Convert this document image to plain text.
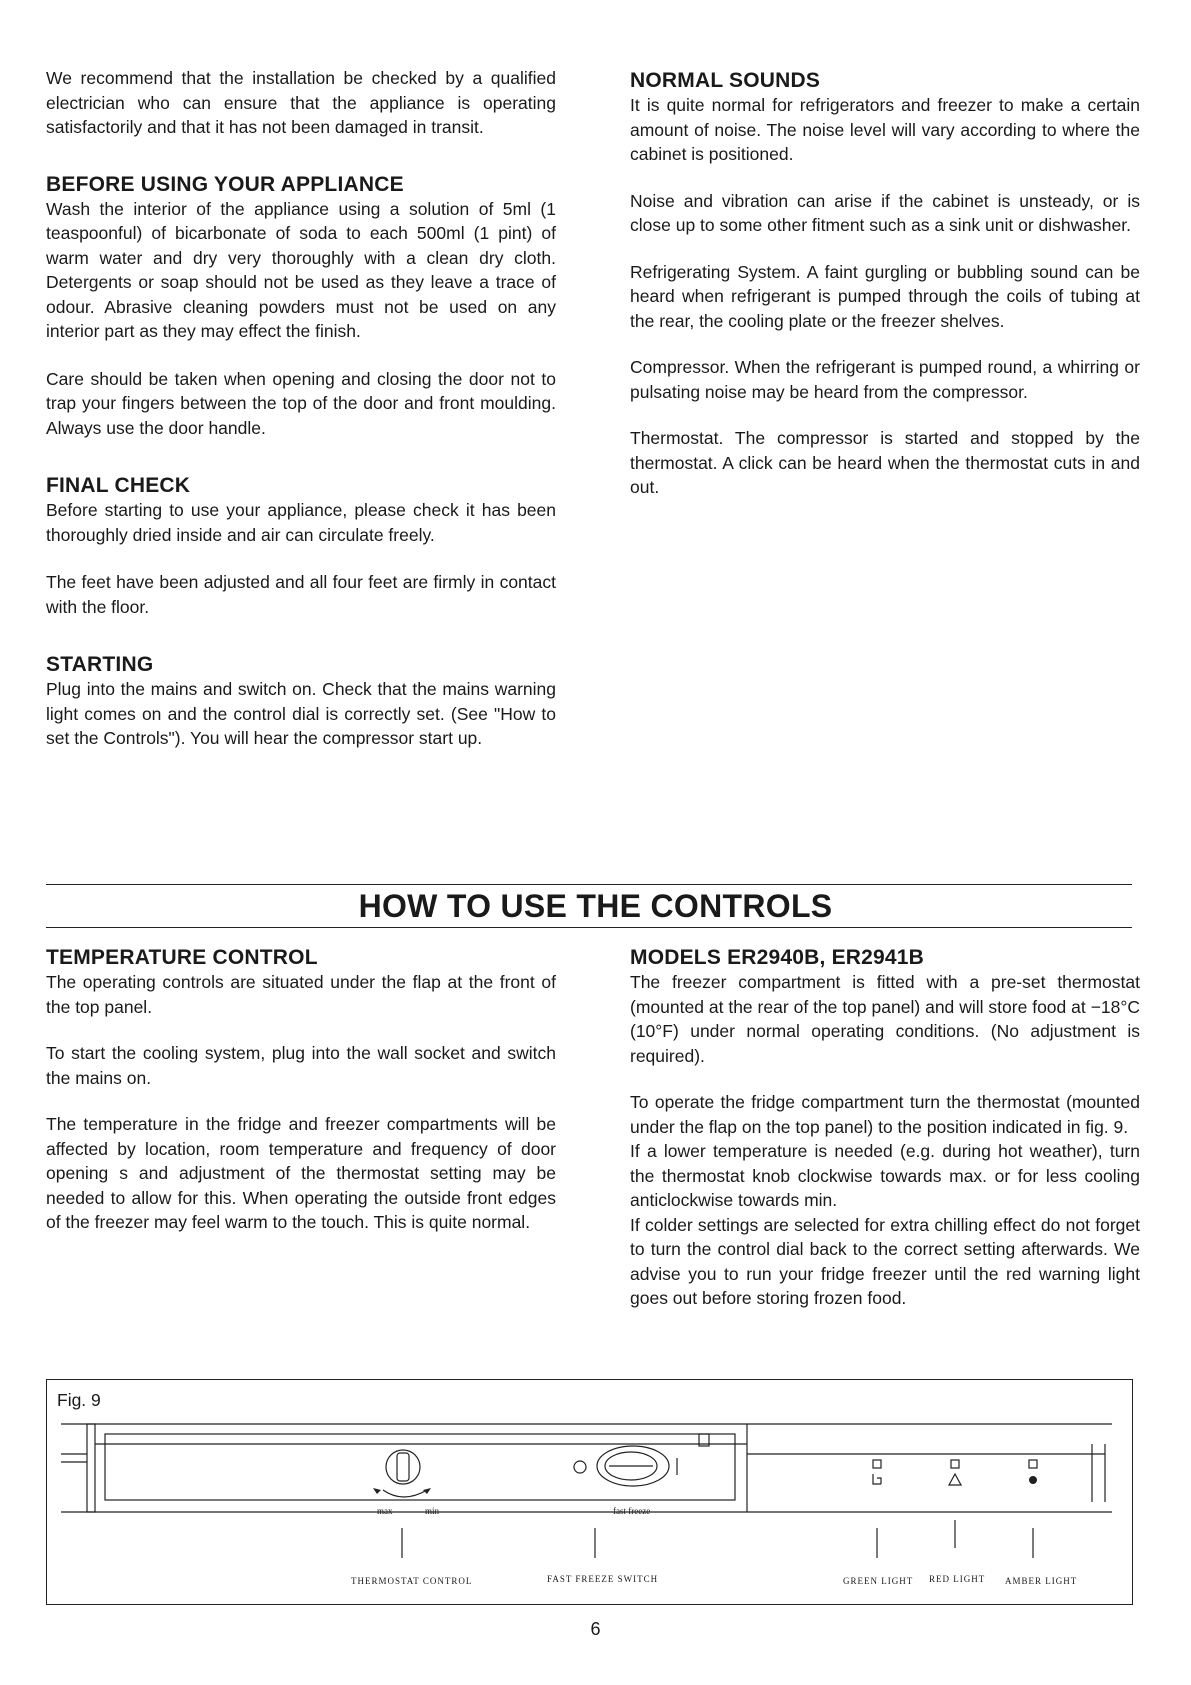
We recommend that the installation be checked by a qualified electrician who can ensure that the appliance is operating satisfactorily and that it has not been damaged in transit.

BEFORE USING YOUR APPLIANCE

Wash the interior of the appliance using a solution of 5ml (1 teaspoonful) of bicarbonate of soda to each 500ml (1 pint) of warm water and dry very thoroughly with a clean dry cloth. Detergents or soap should not be used as they leave a trace of odour. Abrasive cleaning powders must not be used on any interior part as they may effect the finish.

Care should be taken when opening and closing the door not to trap your fingers between the top of the door and front moulding. Always use the door handle.

FINAL CHECK

Before starting to use your appliance, please check it has been thoroughly dried inside and air can circulate freely.

The feet have been adjusted and all four feet are firmly in contact with the floor.

STARTING

Plug into the mains and switch on. Check that the mains warning light comes on and the control dial is correctly set. (See "How to set the Controls"). You will hear the compressor start up.

NORMAL SOUNDS

It is quite normal for refrigerators and freezer to make a certain amount of noise. The noise level will vary according to where the cabinet is positioned.

Noise and vibration can arise if the cabinet is unsteady, or is close up to some other fitment such as a sink unit or dishwasher.

Refrigerating System. A faint gurgling or bubbling sound can be heard when refrigerant is pumped through the coils of tubing at the rear, the cooling plate or the freezer shelves.

Compressor. When the refrigerant is pumped round, a whirring or pulsating noise may be heard from the compressor.

Thermostat. The compressor is started and stopped by the thermostat. A click can be heard when the thermostat cuts in and out.

HOW TO USE THE CONTROLS
TEMPERATURE CONTROL

The operating controls are situated under the flap at the front of the top panel.

To start the cooling system, plug into the wall socket and switch the mains on.

The temperature in the fridge and freezer compartments will be affected by location, room temperature and frequency of door opening s and adjustment of the thermostat setting may be needed to allow for this. When operating the outside front edges of the freezer may feel warm to the touch. This is quite normal.

MODELS ER2940B, ER2941B

The freezer compartment is fitted with a pre-set thermostat (mounted at the rear of the top panel) and will store food at −18°C (10°F) under normal operating conditions. (No adjustment is required).

To operate the fridge compartment turn the thermostat (mounted under the flap on the top panel) to the position indicated in fig. 9.

If a lower temperature is needed (e.g. during hot weather), turn the thermostat knob clockwise towards max. or for less cooling anticlockwise towards min.

If colder settings are selected for extra chilling effect do not forget to turn the control dial back to the correct setting afterwards. We advise you to run your fridge freezer until the red warning light goes out before storing frozen food.

Fig. 9
max	min	fast freeze
THERMOSTAT CONTROL	FAST FREEZE SWITCH	GREEN LIGHT RED LIGHT AMBER LIGHT
6
